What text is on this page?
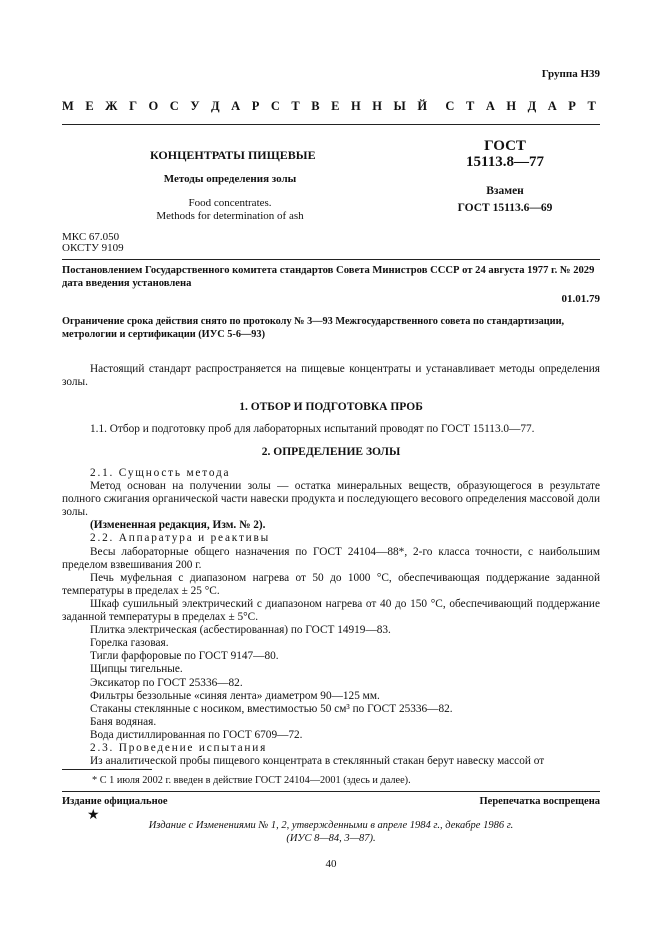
Группа Н39
М Е Ж Г О С У Д А Р С Т В Е Н Н Ы Й С Т А Н Д А Р Т
КОНЦЕНТРАТЫ ПИЩЕВЫЕ
Методы определения золы
Food concentrates.
Methods for determination of ash
ГОСТ
15113.8—77
Взамен
ГОСТ 15113.6—69
МКС 67.050
ОКСТУ 9109
Постановлением Государственного комитета стандартов Совета Министров СССР от 24 августа 1977 г. № 2029 дата введения установлена
01.01.79
Ограничение срока действия снято по протоколу № 3—93 Межгосударственного совета по стандартизации, метрологии и сертификации (ИУС 5-6—93)

Настоящий стандарт распространяется на пищевые концентраты и устанавливает методы определения золы.

1. ОТБОР И ПОДГОТОВКА ПРОБ

1.1. Отбор и подготовку проб для лабораторных испытаний проводят по ГОСТ 15113.0—77.

2. ОПРЕДЕЛЕНИЕ ЗОЛЫ

2.1. Сущность метода

Метод основан на получении золы — остатка минеральных веществ, образующегося в результате полного сжигания органической части навески продукта и последующего весового определения массовой доли золы.

(Измененная редакция, Изм. № 2).

2.2. Аппаратура и реактивы

Весы лабораторные общего назначения по ГОСТ 24104—88*, 2-го класса точности, с наибольшим пределом взвешивания 200 г.

Печь муфельная с диапазоном нагрева от 50 до 1000 °С, обеспечивающая поддержание заданной температуры в пределах ± 25 °С.

Шкаф сушильный электрический с диапазоном нагрева от 40 до 150 °С, обеспечивающий поддержание заданной температуры в пределах ± 5°С.

Плитка электрическая (асбестированная) по ГОСТ 14919—83.

Горелка газовая.

Тигли фарфоровые по ГОСТ 9147—80.

Щипцы тигельные.

Эксикатор по ГОСТ 25336—82.

Фильтры беззольные «синяя лента» диаметром 90—125 мм.

Стаканы стеклянные с носиком, вместимостью 50 см³ по ГОСТ 25336—82.

Баня водяная.

Вода дистиллированная по ГОСТ 6709—72.

2.3. Проведение испытания

Из аналитической пробы пищевого концентрата в стеклянный стакан берут навеску массой от

* С 1 июля 2002 г. введен в действие ГОСТ 24104—2001 (здесь и далее).
Издание официальное	Перепечатка воспрещена
★
Издание с Изменениями № 1, 2, утвержденными в апреле 1984 г., декабре 1986 г.
(ИУС 8—84, 3—87).
40
